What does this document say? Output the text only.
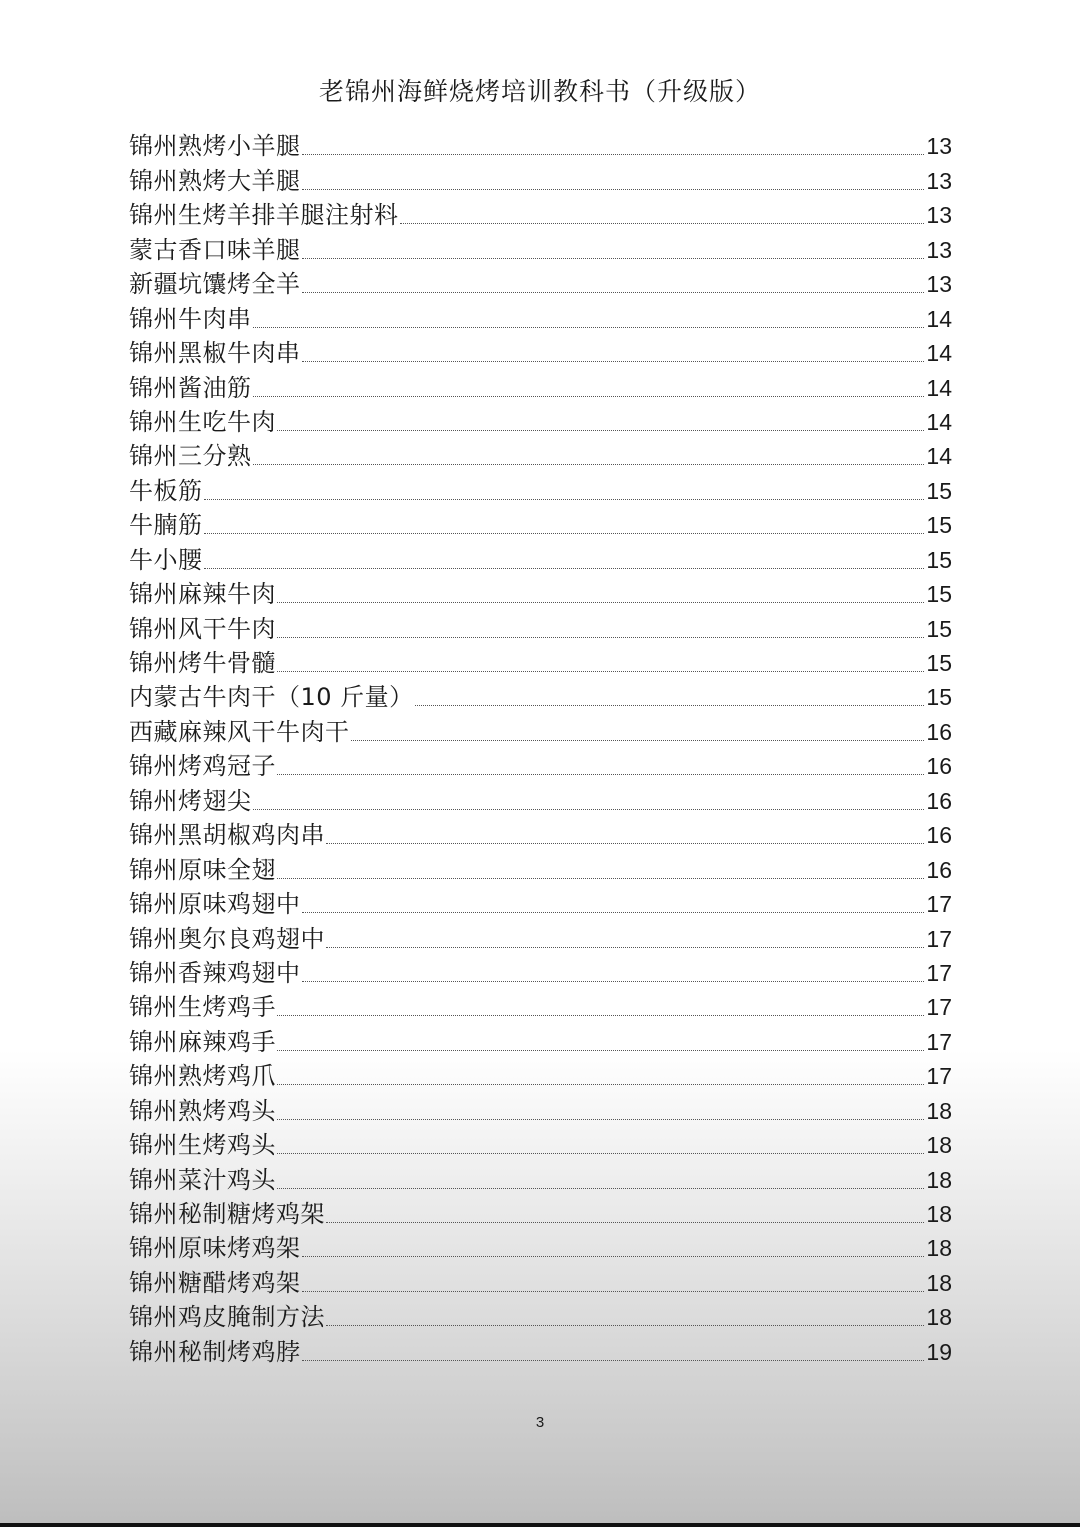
老锦州海鲜烧烤培训教科书（升级版）
锦州熟烤小羊腿	13
锦州熟烤大羊腿	13
锦州生烤羊排羊腿注射料	13
蒙古香口味羊腿	13
新疆坑馕烤全羊	13
锦州牛肉串	14
锦州黑椒牛肉串	14
锦州酱油筋	14
锦州生吃牛肉	14
锦州三分熟	14
牛板筋	15
牛腩筋	15
牛小腰	15
锦州麻辣牛肉	15
锦州风干牛肉	15
锦州烤牛骨髓	15
内蒙古牛肉干（10 斤量）	15
西藏麻辣风干牛肉干	16
锦州烤鸡冠子	16
锦州烤翅尖	16
锦州黑胡椒鸡肉串	16
锦州原味全翅	16
锦州原味鸡翅中	17
锦州奥尔良鸡翅中	17
锦州香辣鸡翅中	17
锦州生烤鸡手	17
锦州麻辣鸡手	17
锦州熟烤鸡爪	17
锦州熟烤鸡头	18
锦州生烤鸡头	18
锦州菜汁鸡头	18
锦州秘制糖烤鸡架	18
锦州原味烤鸡架	18
锦州糖醋烤鸡架	18
锦州鸡皮腌制方法	18
锦州秘制烤鸡脖	19
3
